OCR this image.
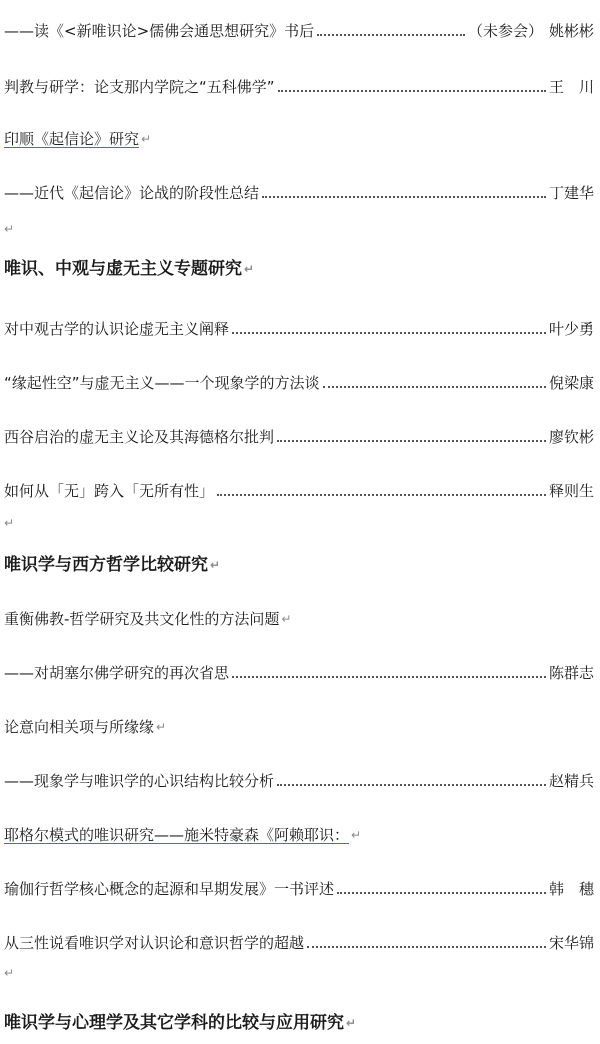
——读《<新唯识论>儒佛会通思想研究》书后	（未参会） 姚彬彬
判教与研学：论支那内学院之“五科佛学”	王　川
印顺《起信论》研究 ↵
——近代《起信论》论战的阶段性总结	丁建华
↵
唯识、中观与虚无主义专题研究 ↵
对中观古学的认识论虚无主义阐释	叶少勇
“缘起性空”与虚无主义——一个现象学的方法谈	倪梁康
西谷启治的虚无主义论及其海德格尔批判	廖钦彬
如何从「无」跨入「无所有性」	释则生
↵
唯识学与西方哲学比较研究 ↵
重衡佛教-哲学研究及共文化性的方法问题 ↵
——对胡塞尔佛学研究的再次省思	陈群志
论意向相关项与所缘缘 ↵
——现象学与唯识学的心识结构比较分析	赵精兵
耶格尔模式的唯识研究——施米特豪森《阿赖耶识： ↵
瑜伽行哲学核心概念的起源和早期发展》一书评述	韩　穗
从三性说看唯识学对认识论和意识哲学的超越	宋华锦
↵
唯识学与心理学及其它学科的比较与应用研究 ↵
